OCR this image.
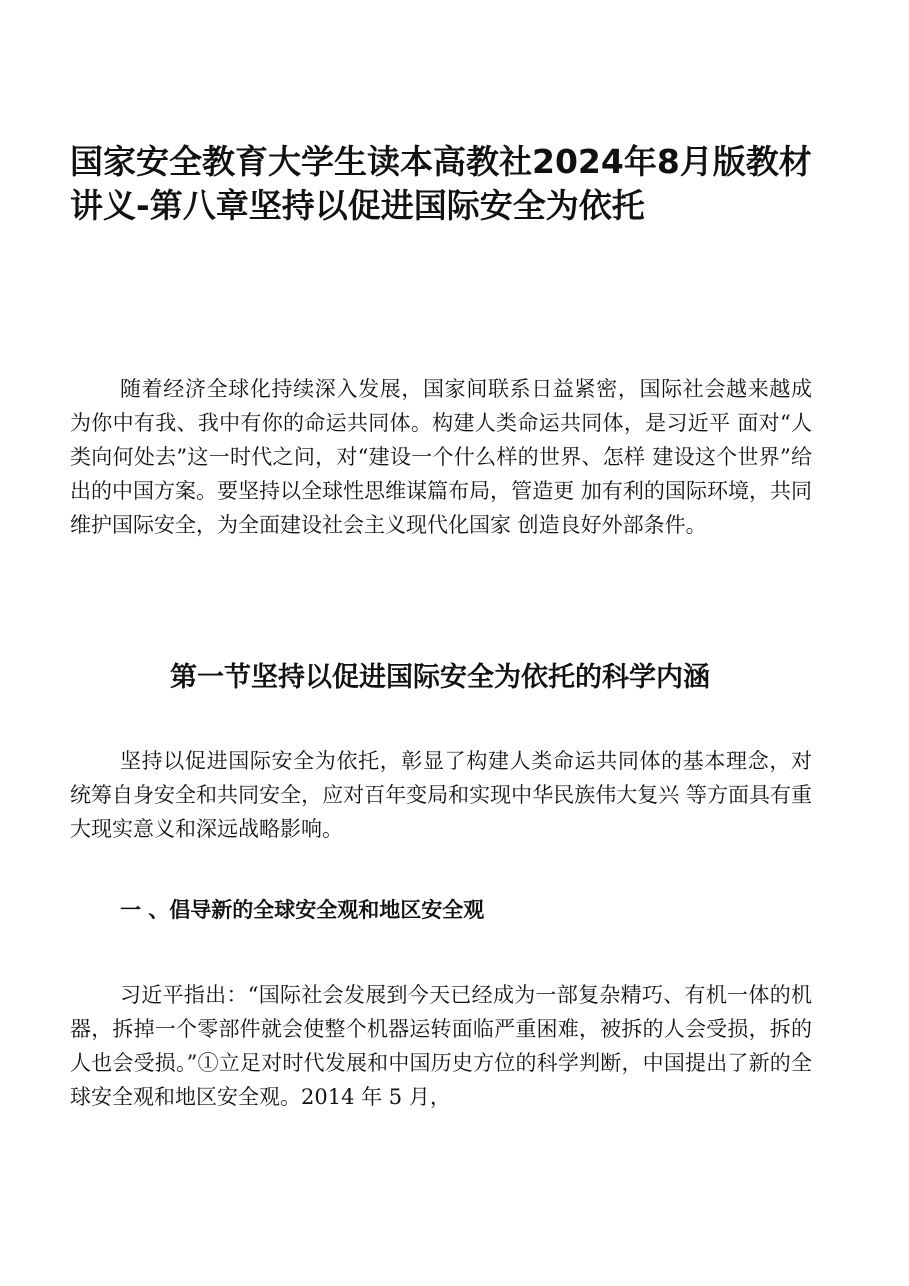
国家安全教育大学生读本高教社2024年8月版教材讲义-第八章坚持以促进国际安全为依托

随着经济全球化持续深入发展，国家间联系日益紧密，国际社会越来越成为你中有我、我中有你的命运共同体。构建人类命运共同体，是习近平 面对“人类向何处去”这一时代之问，对“建设一个什么样的世界、怎样 建设这个世界”给出的中国方案。要坚持以全球性思维谋篇布局，管造更 加有利的国际环境，共同维护国际安全，为全面建设社会主义现代化国家 创造良好外部条件。

第一节坚持以促进国际安全为依托的科学内涵

坚持以促进国际安全为依托，彰显了构建人类命运共同体的基本理念，对统筹自身安全和共同安全，应对百年变局和实现中华民族伟大复兴 等方面具有重大现实意义和深远战略影响。

一 、倡导新的全球安全观和地区安全观

习近平指出：“国际社会发展到今天已经成为一部复杂精巧、有机一体的机器，拆掉一个零部件就会使整个机器运转面临严重困难，被拆的人会受损，拆的人也会受损。”①立足对时代发展和中国历史方位的科学判断，中国提出了新的全球安全观和地区安全观。2014 年 5 月，
